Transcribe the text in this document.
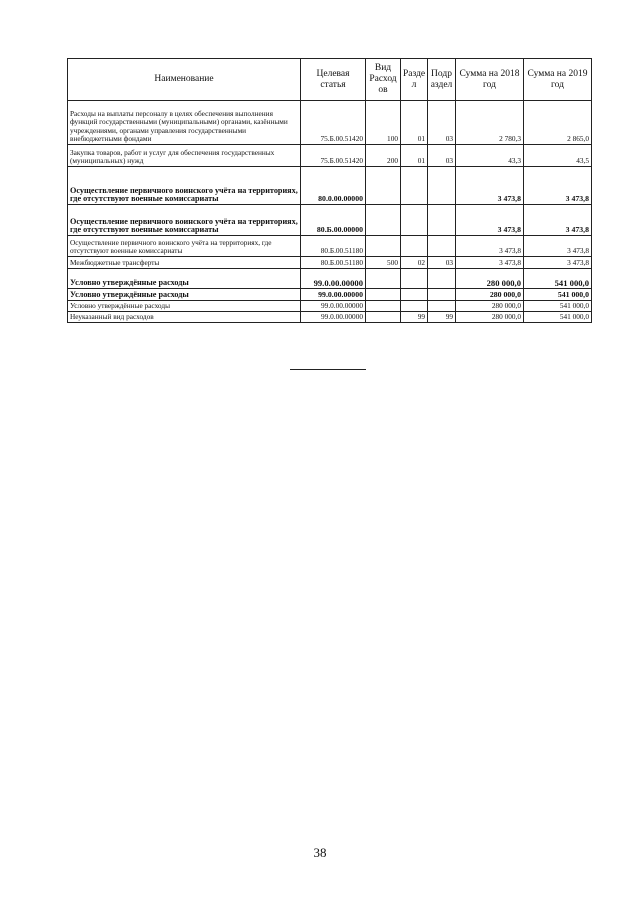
Наименование	Целевая статья	Вид Расход ов	Разде л	Подр аздел	Сумма на 2018 год	Сумма на 2019 год
Расходы на выплаты персоналу в целях обеспечения выполнения функций государственными (муниципальными) органами, казёнными учреждениями, органами управления государственными внебюджетными фондами	75.Б.00.51420	100	01	03	2 780,3	2 865,0
Закупка товаров, работ и услуг для обеспечения государственных (муниципальных) нужд	75.Б.00.51420	200	01	03	43,3	43,5
Осуществление первичного воинского учёта на территориях, где отсутствуют военные комиссариаты	80.0.00.00000				3 473,8	3 473,8
Осуществление первичного воинского учёта на территориях, где отсутствуют военные комиссариаты	80.Б.00.00000				3 473,8	3 473,8
Осуществление первичного воинского учёта на территориях, где отсутствуют военные комиссариаты	80.Б.00.51180				3 473,8	3 473,8
Межбюджетные трансферты	80.Б.00.51180	500	02	03	3 473,8	3 473,8
Условно утверждённые расходы	99.0.00.00000				280 000,0	541 000,0
Условно утверждённые расходы	99.0.00.00000				280 000,0	541 000,0
Условно утверждённые расходы	99.0.00.00000				280 000,0	541 000,0
Неуказанный вид расходов	99.0.00.00000		99	99	280 000,0	541 000,0
38
